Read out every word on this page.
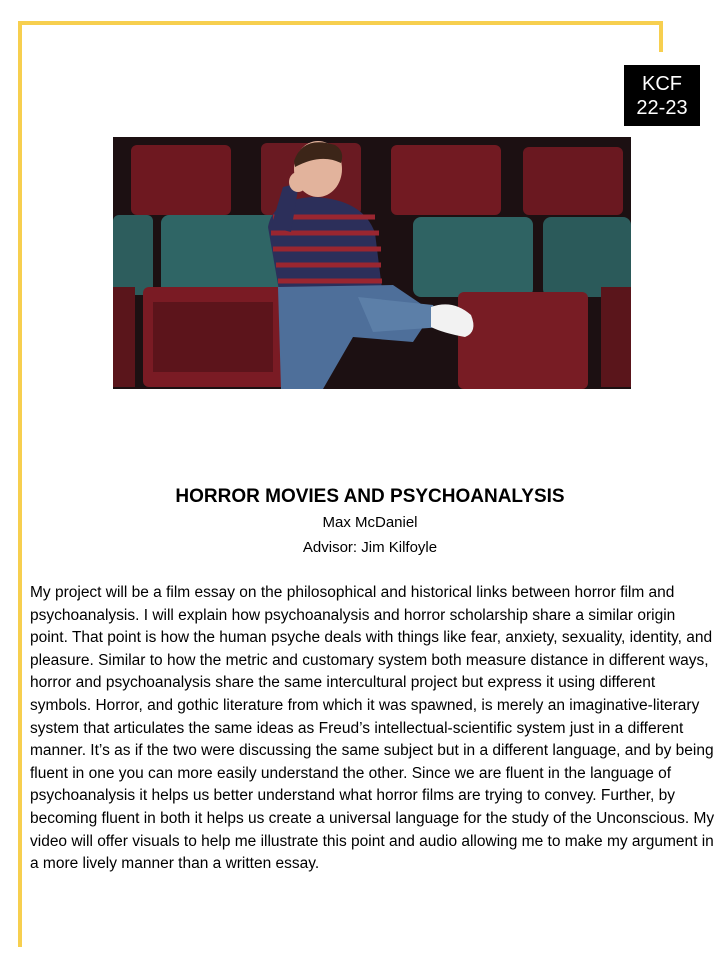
KCF
22-23
HORROR MOVIES AND PSYCHOANALYSIS
Max McDaniel
Advisor: Jim Kilfoyle

My project will be a film essay on the philosophical and historical links between horror film and psychoanalysis. I will explain how psychoanalysis and horror scholarship share a similar origin point. That point is how the human psyche deals with things like fear, anxiety, sexuality, identity, and pleasure. Similar to how the metric and customary system both measure distance in different ways, horror and psychoanalysis share the same intercultural project but express it using different symbols. Horror, and gothic literature from which it was spawned, is merely an imaginative-literary system that articulates the same ideas as Freud’s intellectual-scientific system just in a different manner. It’s as if the two were discussing the same subject but in a different language, and by being fluent in one you can more easily understand the other. Since we are fluent in the language of psychoanalysis it helps us better understand what horror films are trying to convey. Further, by becoming fluent in both it helps us create a universal language for the study of the Unconscious. My video will offer visuals to help me illustrate this point and audio allowing me to make my argument in a more lively manner than a written essay.
